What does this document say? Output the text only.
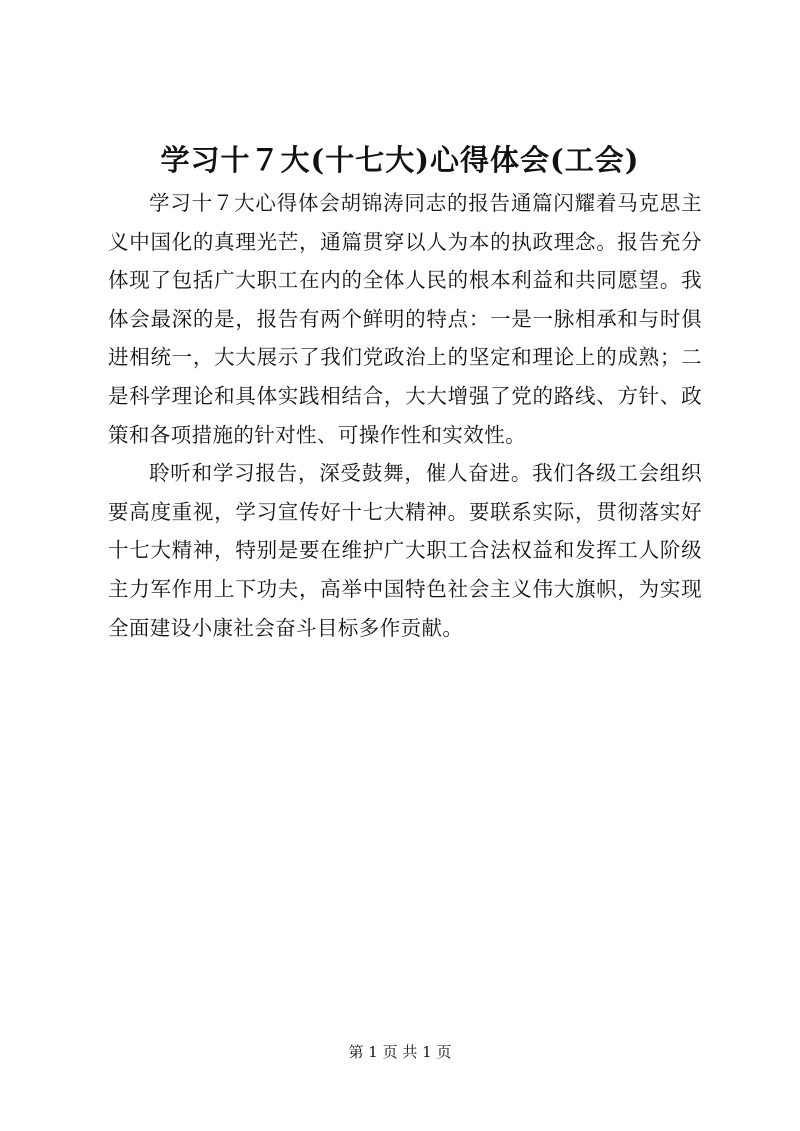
学习十７大(十七大)心得体会(工会)

学习十７大心得体会胡锦涛同志的报告通篇闪耀着马克思主义中国化的真理光芒，通篇贯穿以人为本的执政理念。报告充分体现了包括广大职工在内的全体人民的根本利益和共同愿望。我体会最深的是，报告有两个鲜明的特点：一是一脉相承和与时俱进相统一，大大展示了我们党政治上的坚定和理论上的成熟；二是科学理论和具体实践相结合，大大增强了党的路线、方针、政策和各项措施的针对性、可操作性和实效性。

聆听和学习报告，深受鼓舞，催人奋进。我们各级工会组织要高度重视，学习宣传好十七大精神。要联系实际，贯彻落实好十七大精神，特别是要在维护广大职工合法权益和发挥工人阶级主力军作用上下功夫，高举中国特色社会主义伟大旗帜，为实现全面建设小康社会奋斗目标多作贡献。

第 1 页 共 1 页
